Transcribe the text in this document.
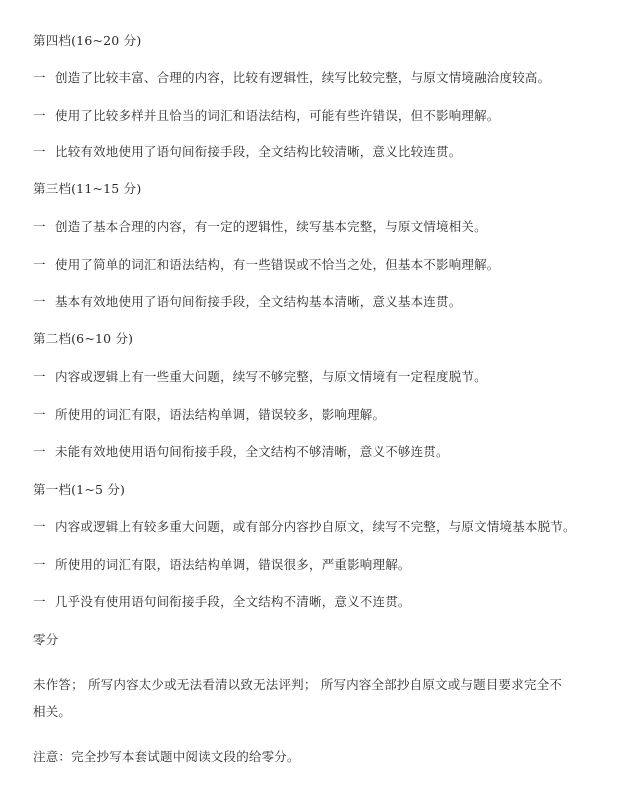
第四档(16~20 分)
一 创造了比较丰富、合理的内容，比较有逻辑性，续写比较完整，与原文情境融洽度较高。
一 使用了比较多样并且恰当的词汇和语法结构，可能有些许错误，但不影响理解。
一 比较有效地使用了语句间衔接手段，全文结构比较清晰，意义比较连贯。
第三档(11~15 分)
一 创造了基本合理的内容，有一定的逻辑性，续写基本完整，与原文情境相关。
一 使用了简单的词汇和语法结构，有一些错误或不恰当之处，但基本不影响理解。
一 基本有效地使用了语句间衔接手段，全文结构基本清晰，意义基本连贯。
第二档(6~10 分)
一 内容或逻辑上有一些重大问题，续写不够完整，与原文情境有一定程度脱节。
一 所使用的词汇有限，语法结构单调，错误较多，影响理解。
一 未能有效地使用语句间衔接手段，全文结构不够清晰，意义不够连贯。
第一档(1~5 分)
一 内容或逻辑上有较多重大问题，或有部分内容抄自原文，续写不完整，与原文情境基本脱节。
一 所使用的词汇有限，语法结构单调，错误很多，严重影响理解。
一 几乎没有使用语句间衔接手段，全文结构不清晰，意义不连贯。
零分
未作答； 所写内容太少或无法看清以致无法评判； 所写内容全部抄自原文或与题目要求完全不
相关。
注意：完全抄写本套试题中阅读文段的给零分。
